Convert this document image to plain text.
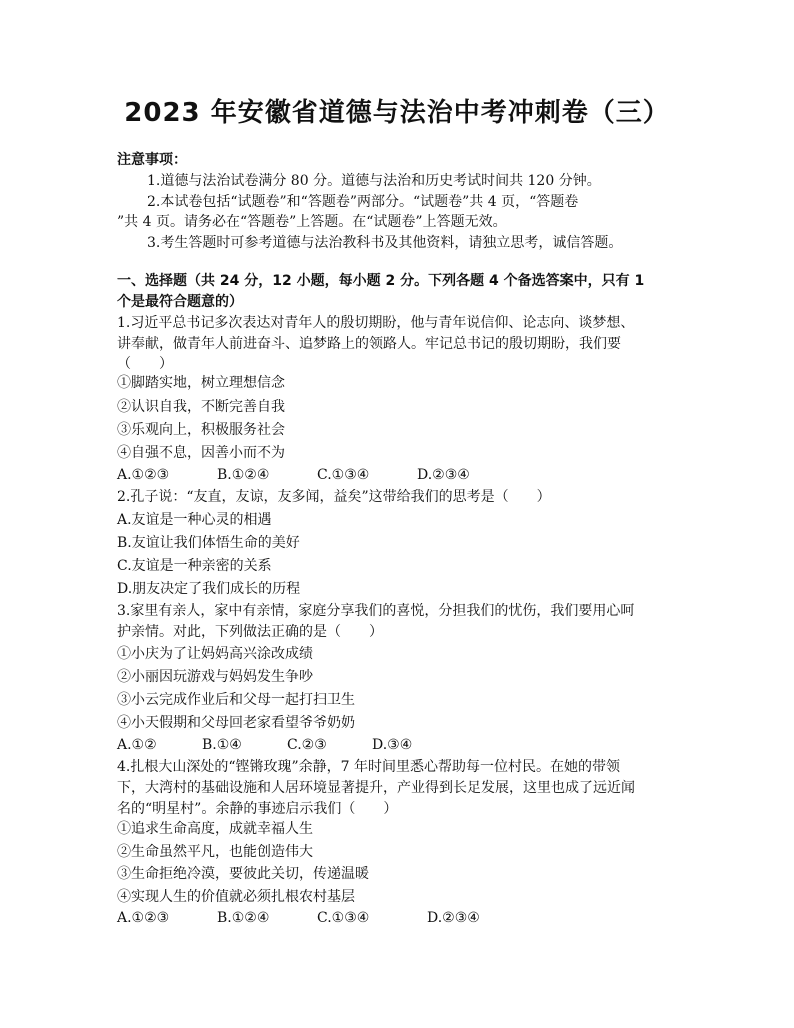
2023 年安徽省道德与法治中考冲刺卷（三）
注意事项：
1.道德与法治试卷满分 80 分。道德与法治和历史考试时间共 120 分钟。
2.本试卷包括“试题卷”和“答题卷”两部分。“试题卷”共 4 页，“答题卷
”共 4 页。请务必在“答题卷”上答题。在“试题卷”上答题无效。
3.考生答题时可参考道德与法治教科书及其他资料，请独立思考，诚信答题。
一、选择题（共 24 分，12 小题，每小题 2 分。下列各题 4 个备选答案中，只有 1
个是最符合题意的）
1.习近平总书记多次表达对青年人的殷切期盼，他与青年说信仰、论志向、谈梦想、
讲奉献，做青年人前进奋斗、追梦路上的领路人。牢记总书记的殷切期盼，我们要
（　　）
①脚踏实地，树立理想信念
②认识自我，不断完善自我
③乐观向上，积极服务社会
④自强不息，因善小而不为
A.①②③	B.①②④	C.①③④	D.②③④
2.孔子说：“友直，友谅，友多闻，益矣”这带给我们的思考是（　　）
A.友谊是一种心灵的相遇
B.友谊让我们体悟生命的美好
C.友谊是一种亲密的关系
D.朋友决定了我们成长的历程
3.家里有亲人，家中有亲情，家庭分享我们的喜悦，分担我们的忧伤，我们要用心呵
护亲情。对此，下列做法正确的是（　　）
①小庆为了让妈妈高兴涂改成绩
②小丽因玩游戏与妈妈发生争吵
③小云完成作业后和父母一起打扫卫生
④小天假期和父母回老家看望爷爷奶奶
A.①②	B.①④	C.②③	D.③④
4.扎根大山深处的“铿锵玫瑰”余静，7 年时间里悉心帮助每一位村民。在她的带领
下，大湾村的基础设施和人居环境显著提升，产业得到长足发展，这里也成了远近闻
名的“明星村”。余静的事迹启示我们（　　）
①追求生命高度，成就幸福人生
②生命虽然平凡，也能创造伟大
③生命拒绝冷漠，要彼此关切，传递温暖
④实现人生的价值就必须扎根农村基层
A.①②③	B.①②④	C.①③④	D.②③④
